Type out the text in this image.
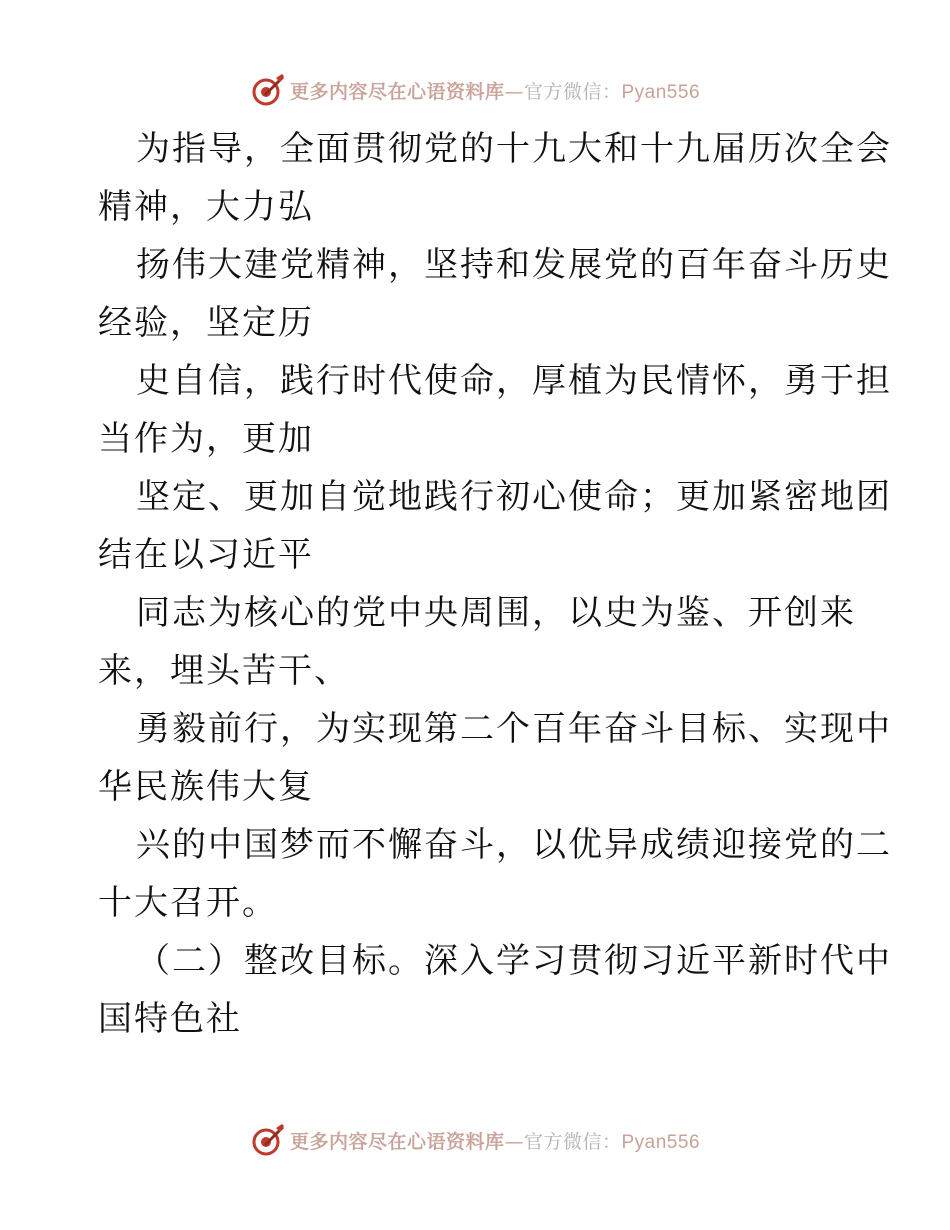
更多内容尽在心语资料库—官方微信：Pyan556
为指导，全面贯彻党的十九大和十九届历次全会
精神，大力弘
扬伟大建党精神，坚持和发展党的百年奋斗历史
经验，坚定历
史自信，践行时代使命，厚植为民情怀，勇于担
当作为，更加
坚定、更加自觉地践行初心使命；更加紧密地团
结在以习近平
同志为核心的党中央周围，以史为鉴、开创来
来，埋头苦干、
勇毅前行，为实现第二个百年奋斗目标、实现中
华民族伟大复
兴的中国梦而不懈奋斗，以优异成绩迎接党的二
十大召开。
（二）整改目标。深入学习贯彻习近平新时代中
国特色社
更多内容尽在心语资料库—官方微信：Pyan556
